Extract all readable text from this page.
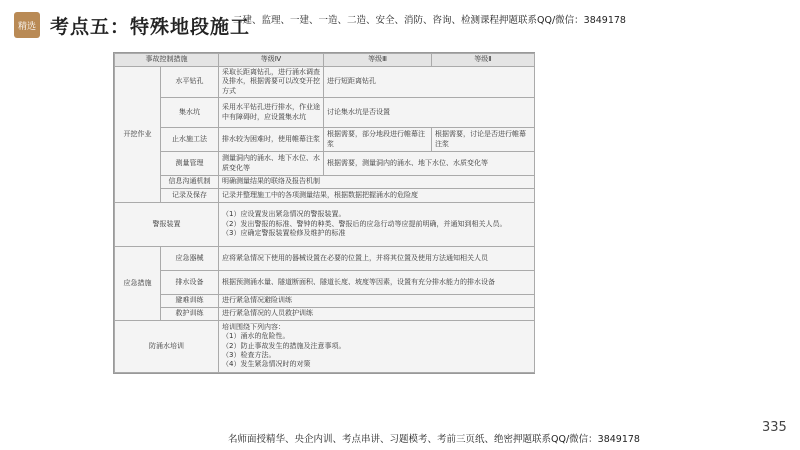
精选 考点五：特殊地段施工
二建、监理、一建、一造、二造、安全、消防、咨询、检测课程押题联系QQ/微信：3849178
事故控制措施		等级Ⅳ	等级Ⅲ	等级Ⅱ
开挖作业	水平钻孔	采取长距离钻孔，进行涌水调查及排水，根据需要可以改变开挖方式	进行短距离钻孔	
	集水坑	采用水平钻孔进行排水，作业途中有障碍时，应设置集水坑	讨论集水坑是否设置	
	止水施工法	排水较为困难时，使用帷幕注浆	根据需要，部分地段进行帷幕注浆	根据需要，讨论是否进行帷幕注浆
	测量管理	测量洞内的涌水、地下水位、水质变化等	根据需要，测量洞内的涌水、地下水位、水质变化等	
	信息沟通机制	明确测量结果的联络及报告机制		
	记录及保存	记录并整理施工中的各项测量结果，根据数据把握涌水的危险度		
警报装置		（1）应设置发出紧急情况的警报装置。
（2）发出警报的标准、警钟的种类、警报后的应急行动等应提前明确，并通知到相关人员。
（3）应确定警报装置检修及维护的标准		
应急措施	应急器械	应将紧急情况下使用的器械设置在必要的位置上，并将其位置及使用方法通知相关人员		
	排水设备	根据预测涌水量、隧道断面积、隧道长度、坡度等因素，设置有充分排水能力的排水设备		
	避难训练	进行紧急情况避险训练		
	救护训练	进行紧急情况的人员救护训练		
防涌水培训		培训围绕下列内容：
（1）涌水的危险性。
（2）防止事故发生的措施及注意事项。
（3）检查方法。
（4）发生紧急情况时的对策		
335
名师面授精华、央企内训、考点串讲、习题模考、考前三页纸、绝密押题联系QQ/微信：3849178
